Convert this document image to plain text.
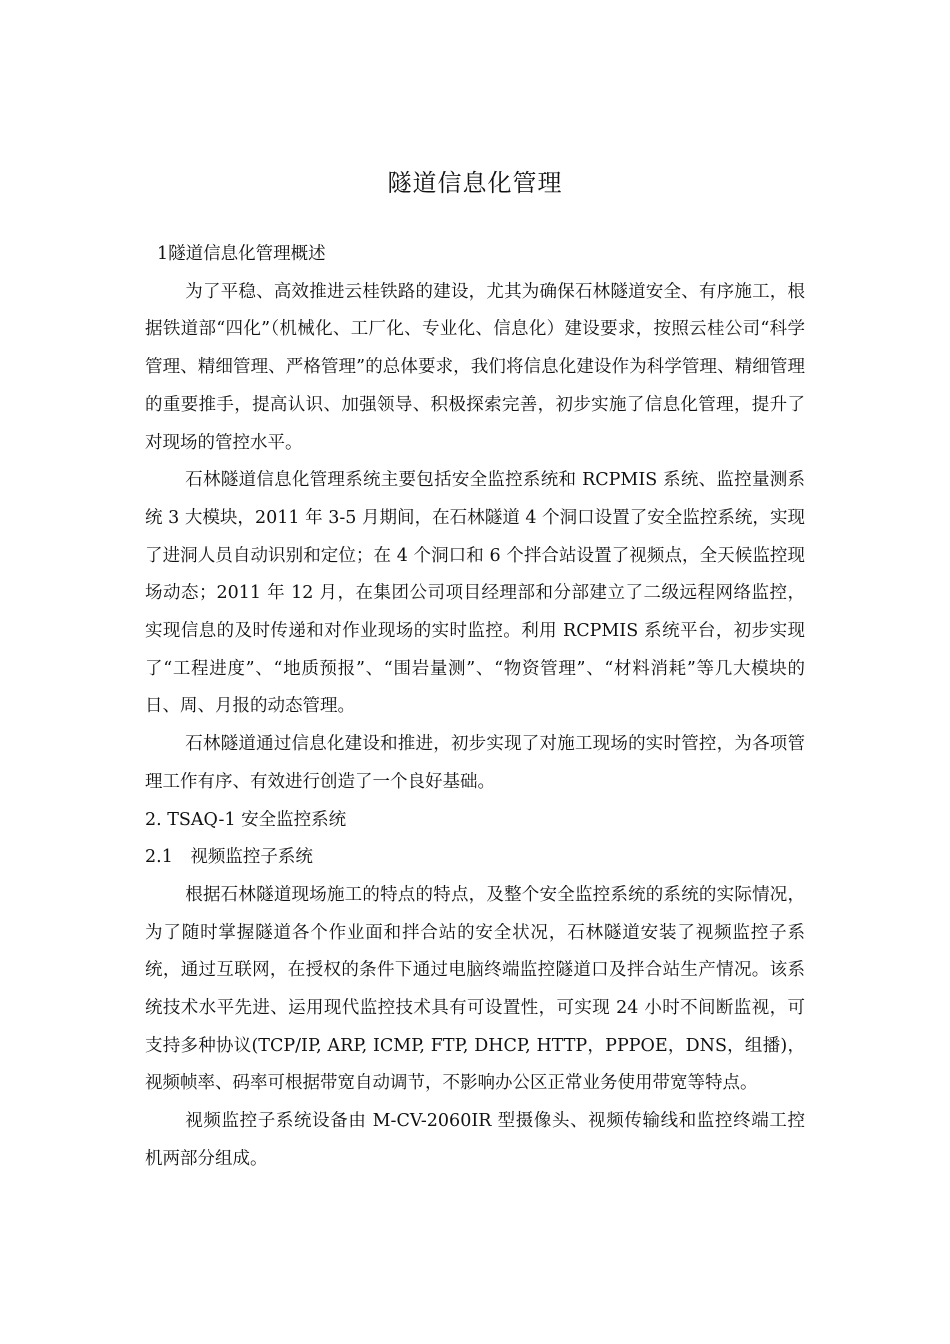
隧道信息化管理

1隧道信息化管理概述

为了平稳、高效推进云桂铁路的建设，尤其为确保石林隧道安全、有序施工，根据铁道部“四化”（机械化、工厂化、专业化、信息化）建设要求，按照云桂公司“科学管理、精细管理、严格管理”的总体要求，我们将信息化建设作为科学管理、精细管理的重要推手，提高认识、加强领导、积极探索完善，初步实施了信息化管理，提升了对现场的管控水平。

石林隧道信息化管理系统主要包括安全监控系统和 RCPMIS 系统、监控量测系统 3 大模块，2011 年 3-5 月期间，在石林隧道 4 个洞口设置了安全监控系统，实现了进洞人员自动识别和定位；在 4 个洞口和 6 个拌合站设置了视频点，全天候监控现场动态；2011 年 12 月，在集团公司项目经理部和分部建立了二级远程网络监控，实现信息的及时传递和对作业现场的实时监控。利用 RCPMIS 系统平台，初步实现了“工程进度”、“地质预报”、“围岩量测”、“物资管理”、“材料消耗”等几大模块的日、周、月报的动态管理。

石林隧道通过信息化建设和推进，初步实现了对施工现场的实时管控，为各项管理工作有序、有效进行创造了一个良好基础。

2. TSAQ-1 安全监控系统

2.1　视频监控子系统

根据石林隧道现场施工的特点的特点，及整个安全监控系统的系统的实际情况，为了随时掌握隧道各个作业面和拌合站的安全状况，石林隧道安装了视频监控子系统，通过互联网，在授权的条件下通过电脑终端监控隧道口及拌合站生产情况。该系统技术水平先进、运用现代监控技术具有可设置性，可实现 24 小时不间断监视，可支持多种协议(TCP/IP, ARP, ICMP, FTP, DHCP, HTTP，PPPOE，DNS，组播)，视频帧率、码率可根据带宽自动调节，不影响办公区正常业务使用带宽等特点。

视频监控子系统设备由 M-CV-2060IR 型摄像头、视频传输线和监控终端工控机两部分组成。
